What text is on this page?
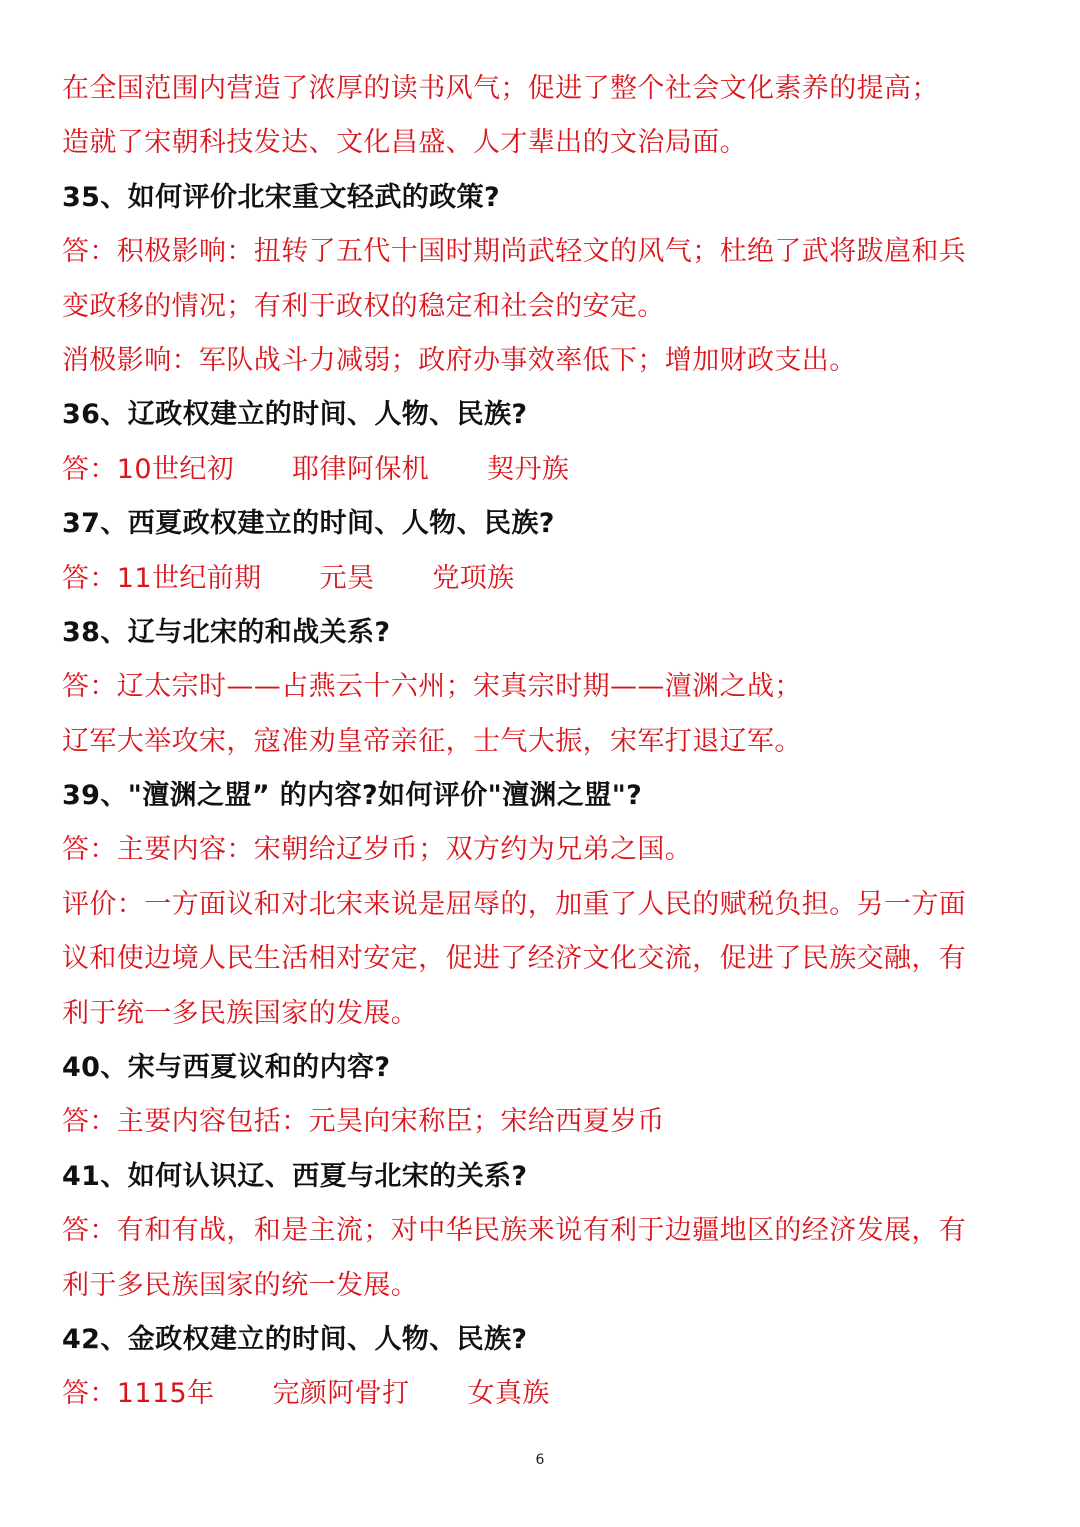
在全国范围内营造了浓厚的读书风气；促进了整个社会文化素养的提高；
造就了宋朝科技发达、文化昌盛、人才辈出的文治局面。
35、如何评价北宋重文轻武的政策?
答：积极影响：扭转了五代十国时期尚武轻文的风气；杜绝了武将跋扈和兵
变政移的情况；有利于政权的稳定和社会的安定。
消极影响：军队战斗力减弱；政府办事效率低下；增加财政支出。
36、辽政权建立的时间、人物、民族?
答：10世纪初 耶律阿保机 契丹族
37、西夏政权建立的时间、人物、民族?
答：11世纪前期 元昊 党项族
38、辽与北宋的和战关系?
答：辽太宗时——占燕云十六州；宋真宗时期——澶渊之战；
辽军大举攻宋，寇准劝皇帝亲征，士气大振，宋军打退辽军。
39、"澶渊之盟” 的内容?如何评价"澶渊之盟"?
答：主要内容：宋朝给辽岁币；双方约为兄弟之国。
评价：一方面议和对北宋来说是屈辱的，加重了人民的赋税负担。另一方面
议和使边境人民生活相对安定，促进了经济文化交流，促进了民族交融，有
利于统一多民族国家的发展。
40、宋与西夏议和的内容?
答：主要内容包括：元昊向宋称臣；宋给西夏岁币
41、如何认识辽、西夏与北宋的关系?
答：有和有战，和是主流；对中华民族来说有利于边疆地区的经济发展，有
利于多民族国家的统一发展。
42、金政权建立的时间、人物、民族?
答：1115年 完颜阿骨打 女真族
6
